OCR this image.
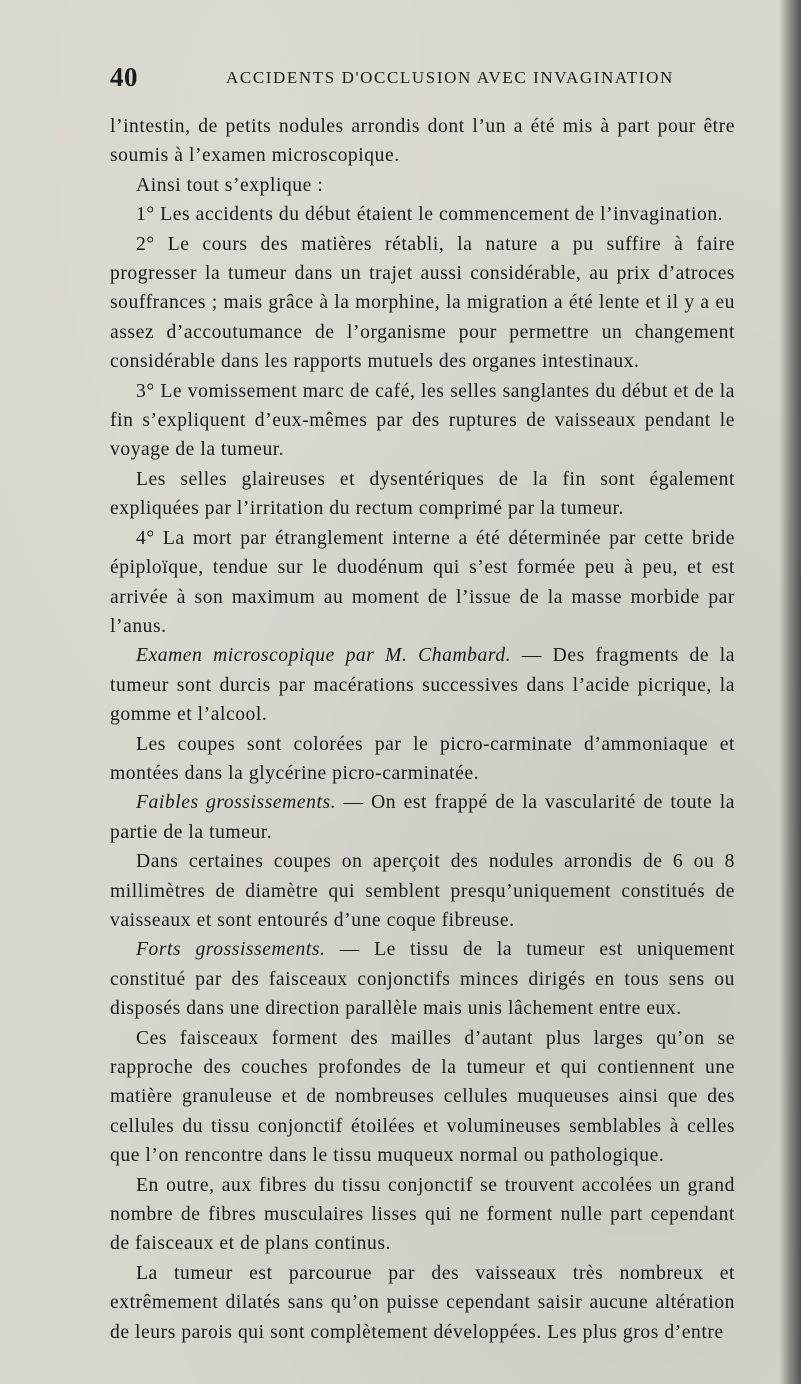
40	ACCIDENTS D'OCCLUSION AVEC INVAGINATION

l’intestin, de petits nodules arrondis dont l’un a été mis à part pour être soumis à l’examen microscopique.

Ainsi tout s’explique :

1° Les accidents du début étaient le commencement de l’invagination.

2° Le cours des matières rétabli, la nature a pu suffire à faire progresser la tumeur dans un trajet aussi considérable, au prix d’atroces souffrances ; mais grâce à la morphine, la migration a été lente et il y a eu assez d’accoutumance de l’organisme pour permettre un changement considérable dans les rapports mutuels des organes intestinaux.

3° Le vomissement marc de café, les selles sanglantes du début et de la fin s’expliquent d’eux-mêmes par des ruptures de vaisseaux pendant le voyage de la tumeur.

Les selles glaireuses et dysentériques de la fin sont également expliquées par l’irritation du rectum comprimé par la tumeur.

4° La mort par étranglement interne a été déterminée par cette bride épiploïque, tendue sur le duodénum qui s’est formée peu à peu, et est arrivée à son maximum au moment de l’issue de la masse morbide par l’anus.

Examen microscopique par M. Chambard. — Des fragments de la tumeur sont durcis par macérations successives dans l’acide picrique, la gomme et l’alcool.

Les coupes sont colorées par le picro-carminate d’ammoniaque et montées dans la glycérine picro-carminatée.

Faibles grossissements. — On est frappé de la vascularité de toute la partie de la tumeur.

Dans certaines coupes on aperçoit des nodules arrondis de 6 ou 8 millimètres de diamètre qui semblent presqu’uniquement constitués de vaisseaux et sont entourés d’une coque fibreuse.

Forts grossissements. — Le tissu de la tumeur est uniquement constitué par des faisceaux conjonctifs minces dirigés en tous sens ou disposés dans une direction parallèle mais unis lâchement entre eux.

Ces faisceaux forment des mailles d’autant plus larges qu’on se rapproche des couches profondes de la tumeur et qui contiennent une matière granuleuse et de nombreuses cellules muqueuses ainsi que des cellules du tissu conjonctif étoilées et volumineuses semblables à celles que l’on rencontre dans le tissu muqueux normal ou pathologique.

En outre, aux fibres du tissu conjonctif se trouvent accolées un grand nombre de fibres musculaires lisses qui ne forment nulle part cependant de faisceaux et de plans continus.

La tumeur est parcourue par des vaisseaux très nombreux et extrêmement dilatés sans qu’on puisse cependant saisir aucune altération de leurs parois qui sont complètement développées. Les plus gros d’entre
